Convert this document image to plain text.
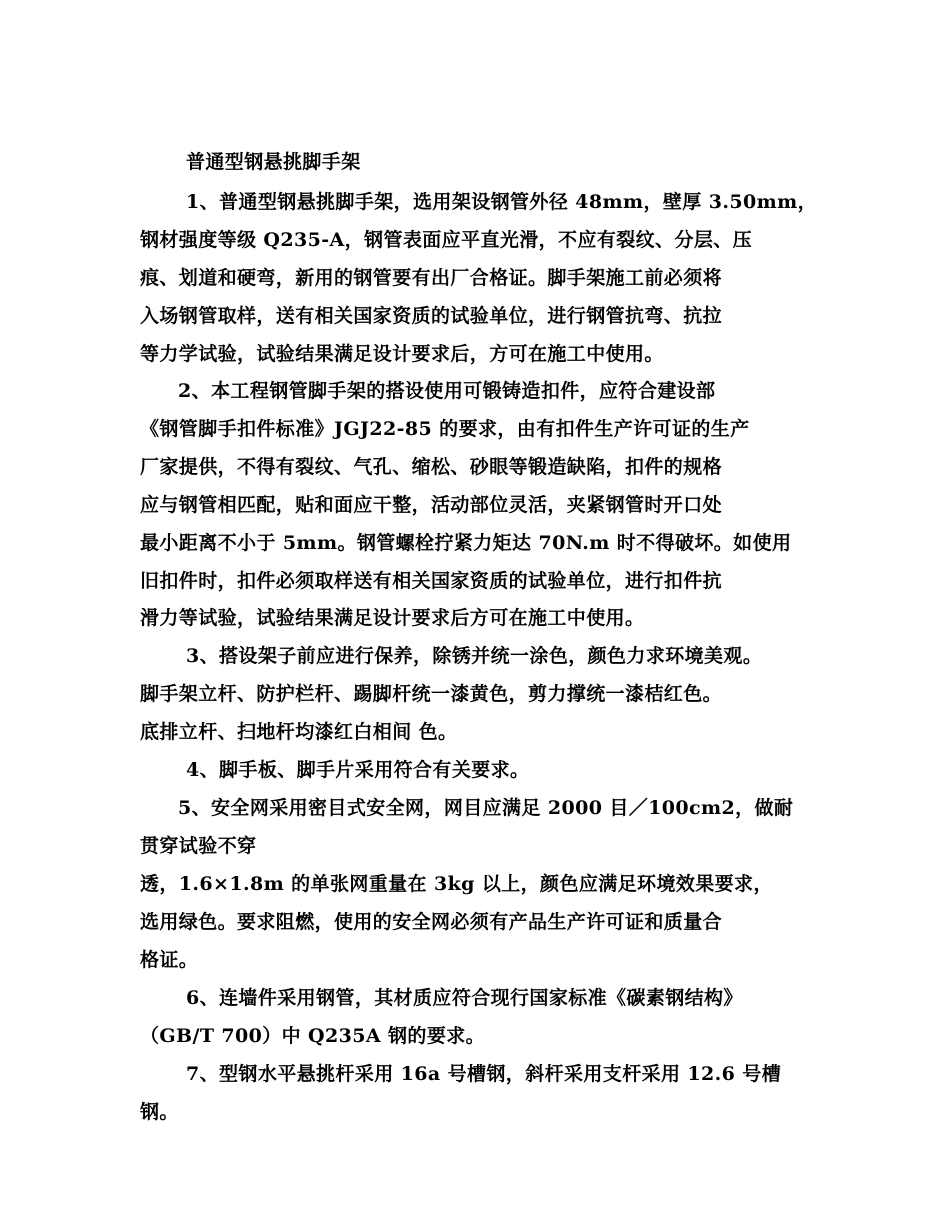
普通型钢悬挑脚手架
1、普通型钢悬挑脚手架，选用架设钢管外径 48mm，壁厚 3.50mm，
钢材强度等级 Q235-A，钢管表面应平直光滑，不应有裂纹、分层、压
痕、划道和硬弯，新用的钢管要有出厂合格证。脚手架施工前必须将
入场钢管取样，送有相关国家资质的试验单位，进行钢管抗弯、抗拉
等力学试验，试验结果满足设计要求后，方可在施工中使用。
2、本工程钢管脚手架的搭设使用可锻铸造扣件，应符合建设部
《钢管脚手扣件标准》JGJ22-85 的要求，由有扣件生产许可证的生产
厂家提供，不得有裂纹、气孔、缩松、砂眼等锻造缺陷，扣件的规格
应与钢管相匹配，贴和面应干整，活动部位灵活，夹紧钢管时开口处
最小距离不小于 5mm。钢管螺栓拧紧力矩达 70N.m 时不得破坏。如使用
旧扣件时，扣件必须取样送有相关国家资质的试验单位，进行扣件抗
滑力等试验，试验结果满足设计要求后方可在施工中使用。
3、搭设架子前应进行保养，除锈并统一涂色，颜色力求环境美观。
脚手架立杆、防护栏杆、踢脚杆统一漆黄色，剪力撑统一漆桔红色。
底排立杆、扫地杆均漆红白相间 色。
4、脚手板、脚手片采用符合有关要求。
5、安全网采用密目式安全网，网目应满足 2000 目／100cm2，做耐
贯穿试验不穿
透，1.6×1.8m 的单张网重量在 3kg 以上，颜色应满足环境效果要求，
选用绿色。要求阻燃，使用的安全网必须有产品生产许可证和质量合
格证。
6、连墙件采用钢管，其材质应符合现行国家标准《碳素钢结构》
（GB/T 700）中 Q235A 钢的要求。
7、型钢水平悬挑杆采用 16a 号槽钢，斜杆采用支杆采用 12.6 号槽
钢。
